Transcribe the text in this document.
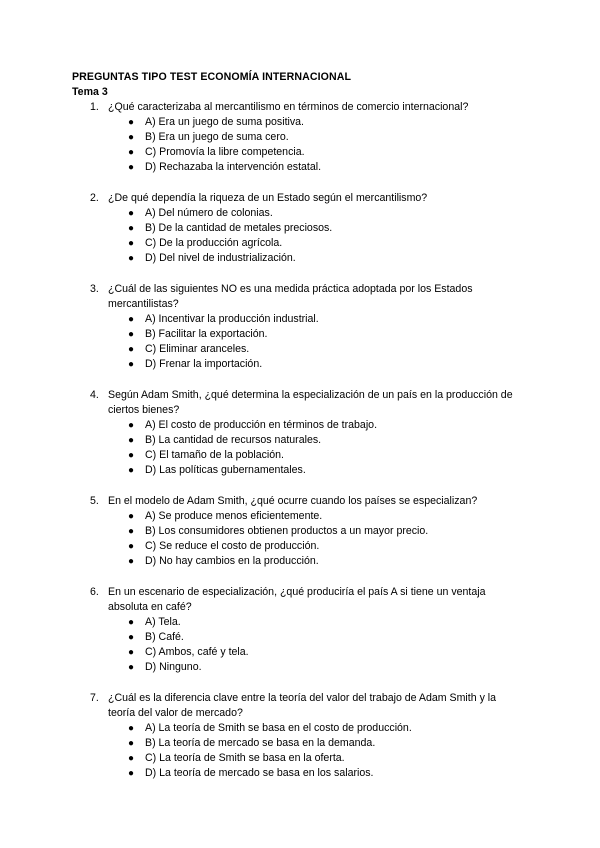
PREGUNTAS TIPO TEST ECONOMÍA INTERNACIONAL

Tema 3

1. ¿Qué caracterizaba al mercantilismo en términos de comercio internacional?
● A) Era un juego de suma positiva.
● B) Era un juego de suma cero.
● C) Promovía la libre competencia.
● D) Rechazaba la intervención estatal.
2. ¿De qué dependía la riqueza de un Estado según el mercantilismo?
● A) Del número de colonias.
● B) De la cantidad de metales preciosos.
● C) De la producción agrícola.
● D) Del nivel de industrialización.
3. ¿Cuál de las siguientes NO es una medida práctica adoptada por los Estados mercantilistas?
● A) Incentivar la producción industrial.
● B) Facilitar la exportación.
● C) Eliminar aranceles.
● D) Frenar la importación.
4. Según Adam Smith, ¿qué determina la especialización de un país en la producción de ciertos bienes?
● A) El costo de producción en términos de trabajo.
● B) La cantidad de recursos naturales.
● C) El tamaño de la población.
● D) Las políticas gubernamentales.
5. En el modelo de Adam Smith, ¿qué ocurre cuando los países se especializan?
● A) Se produce menos eficientemente.
● B) Los consumidores obtienen productos a un mayor precio.
● C) Se reduce el costo de producción.
● D) No hay cambios en la producción.
6. En un escenario de especialización, ¿qué produciría el país A si tiene un ventaja absoluta en café?
● A) Tela.
● B) Café.
● C) Ambos, café y tela.
● D) Ninguno.
7. ¿Cuál es la diferencia clave entre la teoría del valor del trabajo de Adam Smith y la teoría del valor de mercado?
● A) La teoría de Smith se basa en el costo de producción.
● B) La teoría de mercado se basa en la demanda.
● C) La teoría de Smith se basa en la oferta.
● D) La teoría de mercado se basa en los salarios.
